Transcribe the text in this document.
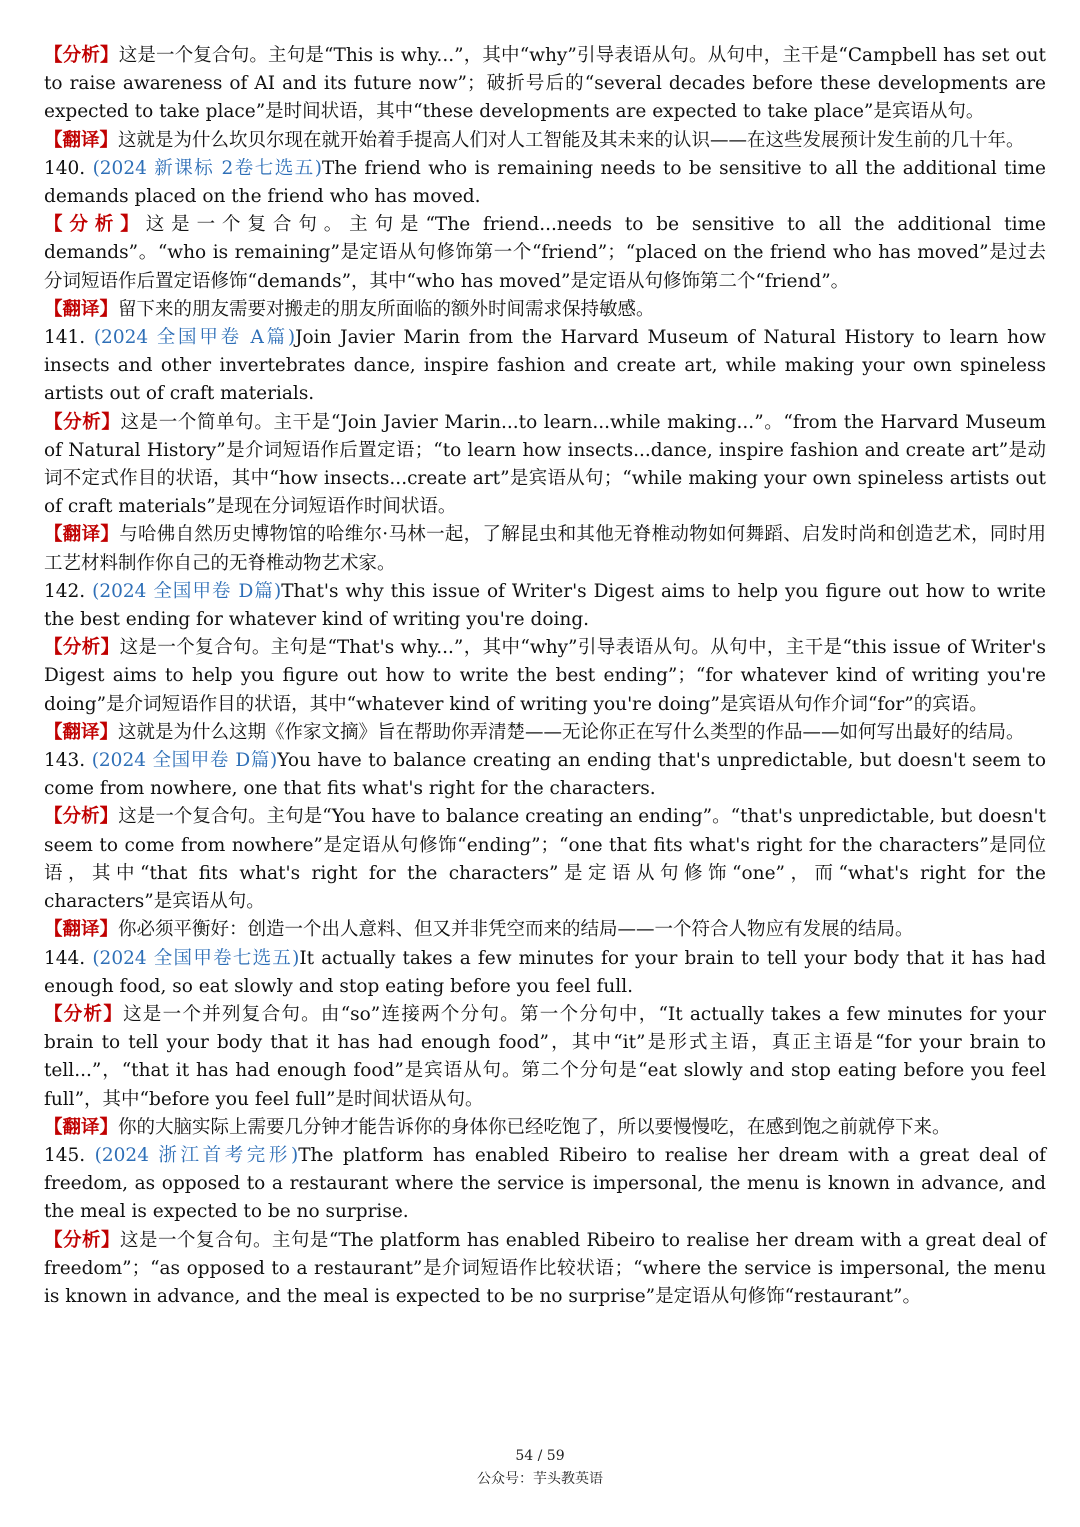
【分析】这是一个复合句。主句是“This is why...”，其中“why”引导表语从句。从句中，主干是“Campbell has set out to raise awareness of AI and its future now”；破折号后的“several decades before these developments are expected to take place”是时间状语，其中“these developments are expected to take place”是宾语从句。

【翻译】这就是为什么坎贝尔现在就开始着手提高人们对人工智能及其未来的认识——在这些发展预计发生前的几十年。

140. (2024 新课标 2卷七选五)The friend who is remaining needs to be sensitive to all the additional time demands placed on the friend who has moved.

【分析】这是一个复合句。主句是“The friend...needs to be sensitive to all the additional time demands”。“who is remaining”是定语从句修饰第一个“friend”；“placed on the friend who has moved”是过去分词短语作后置定语修饰“demands”，其中“who has moved”是定语从句修饰第二个“friend”。

【翻译】留下来的朋友需要对搬走的朋友所面临的额外时间需求保持敏感。

141. (2024 全国甲卷 A篇)Join Javier Marin from the Harvard Museum of Natural History to learn how insects and other invertebrates dance, inspire fashion and create art, while making your own spineless artists out of craft materials.

【分析】这是一个简单句。主干是“Join Javier Marin...to learn...while making...”。“from the Harvard Museum of Natural History”是介词短语作后置定语；“to learn how insects...dance, inspire fashion and create art”是动词不定式作目的状语，其中“how insects...create art”是宾语从句；“while making your own spineless artists out of craft materials”是现在分词短语作时间状语。

【翻译】与哈佛自然历史博物馆的哈维尔·马林一起，了解昆虫和其他无脊椎动物如何舞蹈、启发时尚和创造艺术，同时用工艺材料制作你自己的无脊椎动物艺术家。

142. (2024 全国甲卷 D篇)That's why this issue of Writer's Digest aims to help you figure out how to write the best ending for whatever kind of writing you're doing.

【分析】这是一个复合句。主句是“That's why...”，其中“why”引导表语从句。从句中，主干是“this issue of Writer's Digest aims to help you figure out how to write the best ending”；“for whatever kind of writing you're doing”是介词短语作目的状语，其中“whatever kind of writing you're doing”是宾语从句作介词“for”的宾语。

【翻译】这就是为什么这期《作家文摘》旨在帮助你弄清楚——无论你正在写什么类型的作品——如何写出最好的结局。

143. (2024 全国甲卷 D篇)You have to balance creating an ending that's unpredictable, but doesn't seem to come from nowhere, one that fits what's right for the characters.

【分析】这是一个复合句。主句是“You have to balance creating an ending”。“that's unpredictable, but doesn't seem to come from nowhere”是定语从句修饰“ending”；“one that fits what's right for the characters”是同位语，其中“that fits what's right for the characters”是定语从句修饰“one”，而“what's right for the characters”是宾语从句。

【翻译】你必须平衡好：创造一个出人意料、但又并非凭空而来的结局——一个符合人物应有发展的结局。

144. (2024 全国甲卷七选五)It actually takes a few minutes for your brain to tell your body that it has had enough food, so eat slowly and stop eating before you feel full.

【分析】这是一个并列复合句。由“so”连接两个分句。第一个分句中，“It actually takes a few minutes for your brain to tell your body that it has had enough food”，其中“it”是形式主语，真正主语是“for your brain to tell...”，“that it has had enough food”是宾语从句。第二个分句是“eat slowly and stop eating before you feel full”，其中“before you feel full”是时间状语从句。

【翻译】你的大脑实际上需要几分钟才能告诉你的身体你已经吃饱了，所以要慢慢吃，在感到饱之前就停下来。

145. (2024 浙江首考完形)The platform has enabled Ribeiro to realise her dream with a great deal of freedom, as opposed to a restaurant where the service is impersonal, the menu is known in advance, and the meal is expected to be no surprise.

【分析】这是一个复合句。主句是“The platform has enabled Ribeiro to realise her dream with a great deal of freedom”；“as opposed to a restaurant”是介词短语作比较状语；“where the service is impersonal, the menu is known in advance, and the meal is expected to be no surprise”是定语从句修饰“restaurant”。

54 / 59
公众号：芋头教英语
